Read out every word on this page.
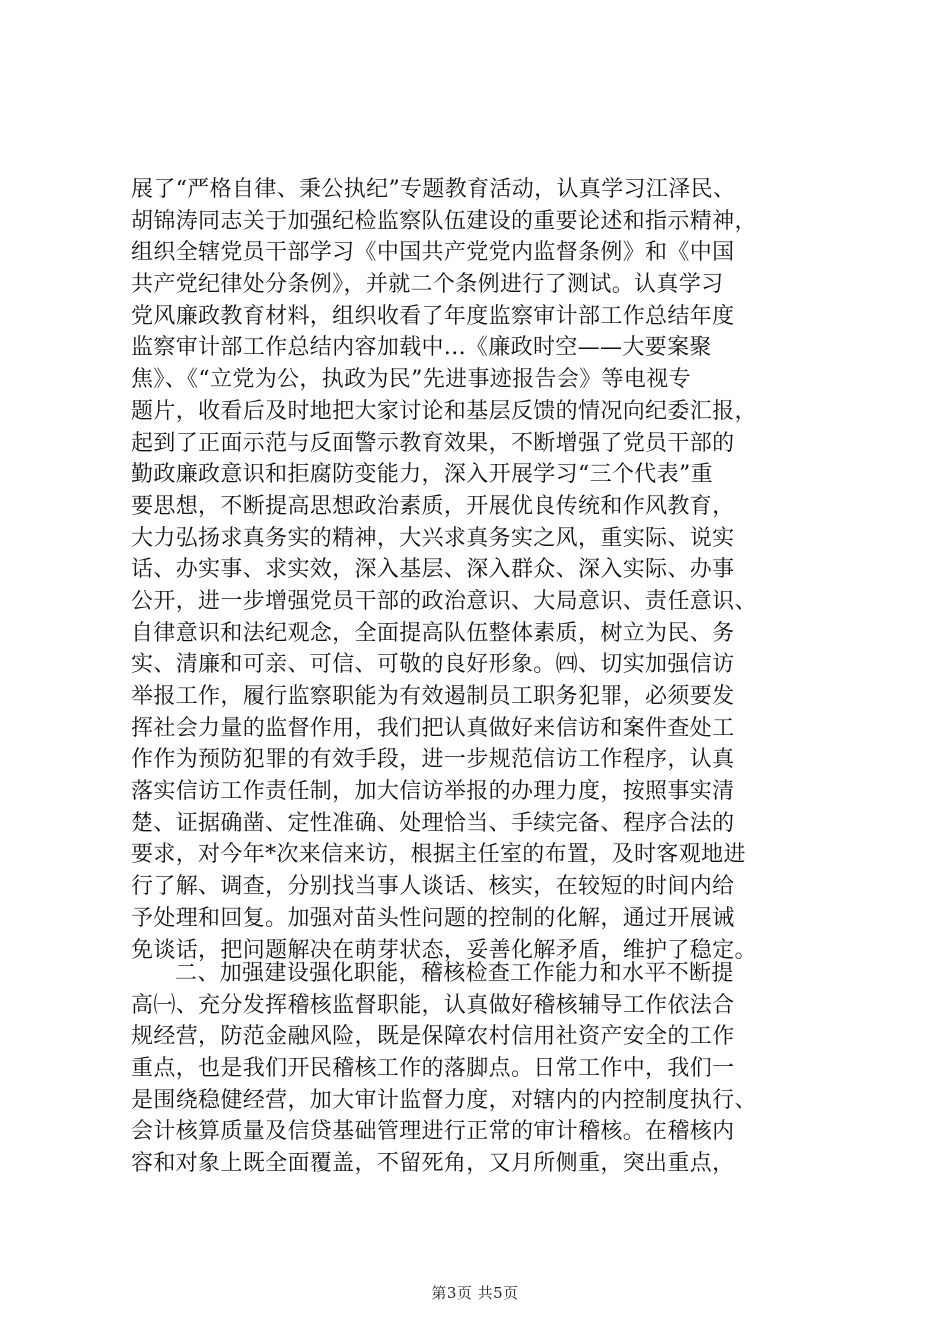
展了“严格自律、秉公执纪”专题教育活动，认真学习江泽民、
胡锦涛同志关于加强纪检监察队伍建设的重要论述和指示精神，
组织全辖党员干部学习《中国共产党党内监督条例》和《中国
共产党纪律处分条例》，并就二个条例进行了测试。认真学习
党风廉政教育材料，组织收看了年度监察审计部工作总结年度
监察审计部工作总结内容加载中...《廉政时空——大要案聚
焦》、《“立党为公，执政为民”先进事迹报告会》等电视专
题片，收看后及时地把大家讨论和基层反馈的情况向纪委汇报，
起到了正面示范与反面警示教育效果，不断增强了党员干部的
勤政廉政意识和拒腐防变能力，深入开展学习“三个代表”重
要思想，不断提高思想政治素质，开展优良传统和作风教育，
大力弘扬求真务实的精神，大兴求真务实之风，重实际、说实
话、办实事、求实效，深入基层、深入群众、深入实际、办事
公开，进一步增强党员干部的政治意识、大局意识、责任意识、
自律意识和法纪观念，全面提高队伍整体素质，树立为民、务
实、清廉和可亲、可信、可敬的良好形象。㈣、切实加强信访
举报工作，履行监察职能为有效遏制员工职务犯罪，必须要发
挥社会力量的监督作用，我们把认真做好来信访和案件查处工
作作为预防犯罪的有效手段，进一步规范信访工作程序，认真
落实信访工作责任制，加大信访举报的办理力度，按照事实清
楚、证据确凿、定性准确、处理恰当、手续完备、程序合法的
要求，对今年*次来信来访，根据主任室的布置，及时客观地进
行了解、调查，分别找当事人谈话、核实，在较短的时间内给
予处理和回复。加强对苗头性问题的控制的化解，通过开展诫
免谈话，把问题解决在萌芽状态，妥善化解矛盾，维护了稳定。
二、加强建设强化职能，稽核检查工作能力和水平不断提
高㈠、充分发挥稽核监督职能，认真做好稽核辅导工作依法合
规经营，防范金融风险，既是保障农村信用社资产安全的工作
重点，也是我们开民稽核工作的落脚点。日常工作中，我们一
是围绕稳健经营，加大审计监督力度，对辖内的内控制度执行、
会计核算质量及信贷基础管理进行正常的审计稽核。在稽核内
容和对象上既全面覆盖，不留死角，又月所侧重，突出重点，
第3页 共5页
